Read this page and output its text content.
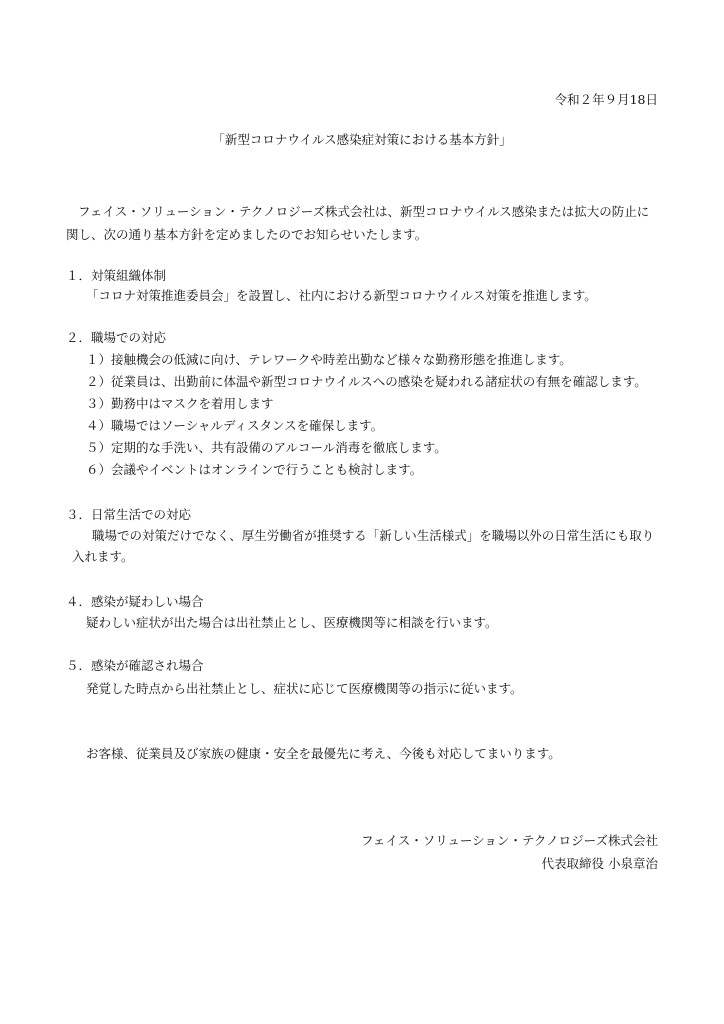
令和２年９月18日

「新型コロナウイルス感染症対策における基本方針」

フェイス・ソリューション・テクノロジーズ株式会社は、新型コロナウイルス感染または拡大の防止に

関し、次の通り基本方針を定めましたのでお知らせいたします。

１．対策組織体制

「コロナ対策推進委員会」を設置し、社内における新型コロナウイルス対策を推進します。

２．職場での対応

１）接触機会の低減に向け、テレワークや時差出勤など様々な勤務形態を推進します。

２）従業員は、出勤前に体温や新型コロナウイルスへの感染を疑われる諸症状の有無を確認します。

３）勤務中はマスクを着用します

４）職場ではソーシャルディスタンスを確保します。

５）定期的な手洗い、共有設備のアルコール消毒を徹底します。

６）会議やイベントはオンラインで行うことも検討します。

３．日常生活での対応

職場での対策だけでなく、厚生労働省が推奨する「新しい生活様式」を職場以外の日常生活にも取り

入れます。

４．感染が疑わしい場合

疑わしい症状が出た場合は出社禁止とし、医療機関等に相談を行います。

５．感染が確認され場合

発覚した時点から出社禁止とし、症状に応じて医療機関等の指示に従います。

お客様、従業員及び家族の健康・安全を最優先に考え、今後も対応してまいります。

フェイス・ソリューション・テクノロジーズ株式会社

代表取締役 小泉章治
